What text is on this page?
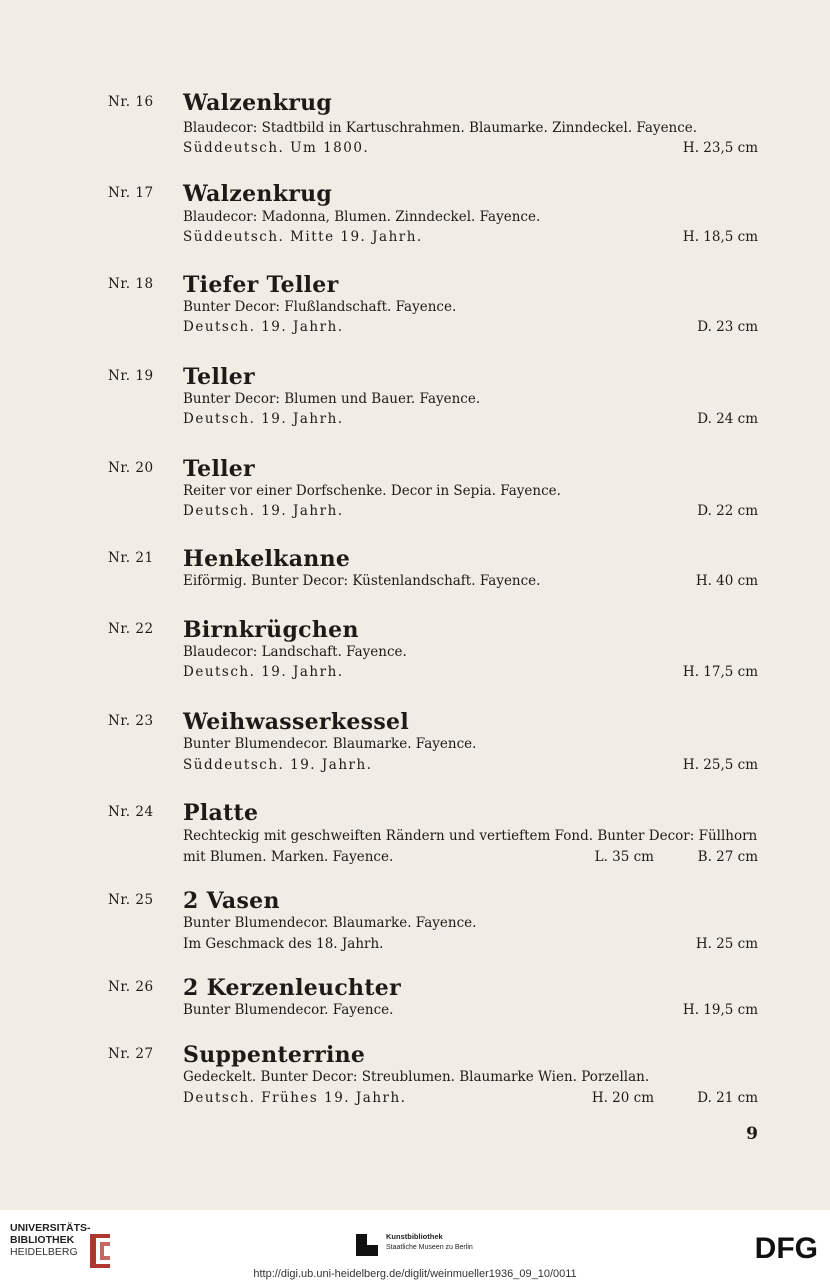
Nr. 16 Walzenkrug
Blaudecor: Stadtbild in Kartuschrahmen. Blaumarke. Zinndeckel. Fayence.
Süddeutsch. Um 1800.	H. 23,5 cm
Nr. 17 Walzenkrug
Blaudecor: Madonna, Blumen. Zinndeckel. Fayence.
Süddeutsch. Mitte 19. Jahrh.	H. 18,5 cm
Nr. 18 Tiefer Teller
Bunter Decor: Flußlandschaft. Fayence.
Deutsch. 19. Jahrh.	D. 23 cm
Nr. 19 Teller
Bunter Decor: Blumen und Bauer. Fayence.
Deutsch. 19. Jahrh.	D. 24 cm
Nr. 20 Teller
Reiter vor einer Dorfschenke. Decor in Sepia. Fayence.
Deutsch. 19. Jahrh.	D. 22 cm
Nr. 21 Henkelkanne
Eiförmig. Bunter Decor: Küstenlandschaft. Fayence.	H. 40 cm
Nr. 22 Birnkrügchen
Blaudecor: Landschaft. Fayence.
Deutsch. 19. Jahrh.	H. 17,5 cm
Nr. 23 Weihwasserkessel
Bunter Blumendecor. Blaumarke. Fayence.
Süddeutsch. 19. Jahrh.	H. 25,5 cm
Nr. 24 Platte
Rechteckig mit geschweiften Rändern und vertieftem Fond. Bunter Decor: Füllhorn
mit Blumen. Marken. Fayence.	L. 35 cm	B. 27 cm
Nr. 25 2 Vasen
Bunter Blumendecor. Blaumarke. Fayence.
Im Geschmack des 18. Jahrh.	H. 25 cm
Nr. 26 2 Kerzenleuchter
Bunter Blumendecor. Fayence.	H. 19,5 cm
Nr. 27 Suppenterrine
Gedeckelt. Bunter Decor: Streublumen. Blaumarke Wien. Porzellan.
Deutsch. Frühes 19. Jahrh.	H. 20 cm	D. 21 cm
9
UNIVERSITÄTS-
BIBLIOTHEK
HEIDELBERG
Kunstbibliothek
Staatliche Museen zu Berlin	DFG
http://digi.ub.uni-heidelberg.de/diglit/weinmueller1936_09_10/0011
